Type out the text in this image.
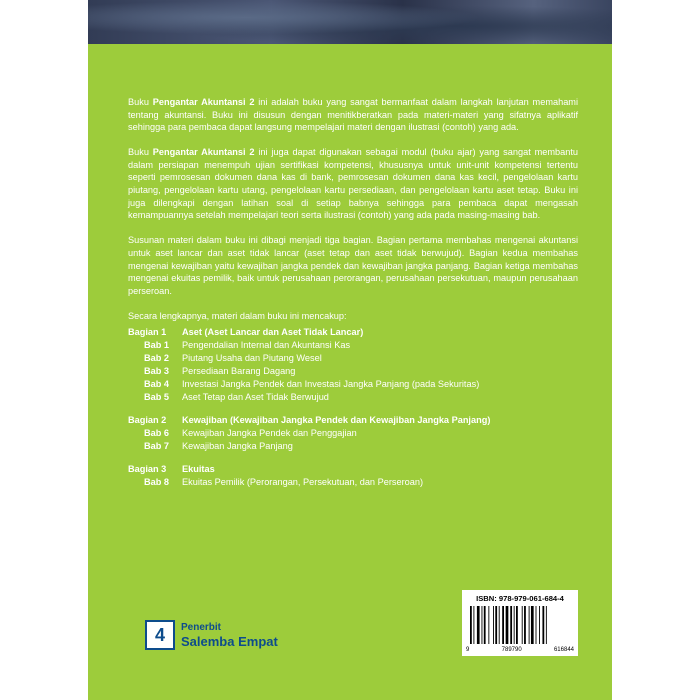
Buku Pengantar Akuntansi 2 ini adalah buku yang sangat bermanfaat dalam langkah lanjutan memahami tentang akuntansi. Buku ini disusun dengan menitikberatkan pada materi-materi yang sifatnya aplikatif sehingga para pembaca dapat langsung mempelajari materi dengan ilustrasi (contoh) yang ada.

Buku Pengantar Akuntansi 2 ini juga dapat digunakan sebagai modul (buku ajar) yang sangat membantu dalam persiapan menempuh ujian sertifikasi kompetensi, khususnya untuk unit-unit kompetensi tertentu seperti pemrosesan dokumen dana kas di bank, pemrosesan dokumen dana kas kecil, pengelolaan kartu piutang, pengelolaan kartu utang, pengelolaan kartu persediaan, dan pengelolaan kartu aset tetap. Buku ini juga dilengkapi dengan latihan soal di setiap babnya sehingga para pembaca dapat mengasah kemampuannya setelah mempelajari teori serta ilustrasi (contoh) yang ada pada masing-masing bab.

Susunan materi dalam buku ini dibagi menjadi tiga bagian. Bagian pertama membahas mengenai akuntansi untuk aset lancar dan aset tidak lancar (aset tetap dan aset tidak berwujud). Bagian kedua membahas mengenai kewajiban yaitu kewajiban jangka pendek dan kewajiban jangka panjang. Bagian ketiga membahas mengenai ekuitas pemilik, baik untuk perusahaan perorangan, perusahaan persekutuan, maupun perusahaan perseroan.

Secara lengkapnya, materi dalam buku ini mencakup:

Bagian 1	Aset (Aset Lancar dan Aset Tidak Lancar)
Bab 1	Pengendalian Internal dan Akuntansi Kas
Bab 2	Piutang Usaha dan Piutang Wesel
Bab 3	Persediaan Barang Dagang
Bab 4	Investasi Jangka Pendek dan Investasi Jangka Panjang (pada Sekuritas)
Bab 5	Aset Tetap dan Aset Tidak Berwujud
Bagian 2	Kewajiban (Kewajiban Jangka Pendek dan Kewajiban Jangka Panjang)
Bab 6	Kewajiban Jangka Pendek dan Penggajian
Bab 7	Kewajiban Jangka Panjang
Bagian 3	Ekuitas
Bab 8	Ekuitas Pemilik (Perorangan, Persekutuan, dan Perseroan)
4	Penerbit
Salemba Empat
ISBN: 978-979-061-684-4
9	789790	616844
